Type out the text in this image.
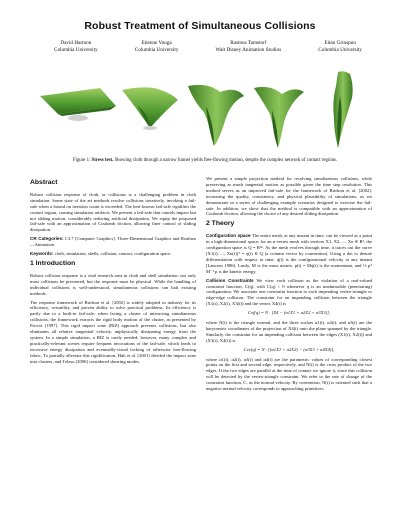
Robust Treatment of Simultaneous Collisions
David Harmon
Columbia University
Etienne Vouga
Columbia University
Rasmus Tamstorf
Walt Disney Animation Studios
Eitan Grinspun
Columbia University
Figure 1: Stress test. Showing cloth through a narrow funnel yields free-flowing motion, despite the complex network of contact regions.
Abstract

Robust collision response of cloth, or collisions is a challenging problem in cloth simulation. Some state of the art methods resolve collisions iteratively, invoking a fail-safe when a bound on iteration count is exceeded. The best-known fail-safe rigidifies the contact region, causing simulation artifacts. We present a fail-safe that cancels impact but not sliding motion, considerably reducing artificial dissipation. We equip the proposed fail-safe with an approximation of Coulomb friction, allowing finer control of sliding dissipation.

CR Categories: I.3.7 [Computer Graphics]: Three-Dimensional Graphics and Realism—Animation

Keywords: cloth, simulation, shells, collision, contact, configuration space

1 Introduction

Robust collision response is a vital research area in cloth and shell simulation: not only must collisions be prevented, but the response must be physical. While the handling of individual collisions is well-understood, simultaneous collisions can halt existing methods.

The response framework of Bridson et al. [2002] is widely adopted in industry for its efficiency, versatility, and proven ability to solve practical problems. Its efficiency is partly due to a built-in fail-safe: when facing a cluster of interacting simultaneous collisions, the framework extracts the rigid body motion of the cluster, as presented by Provot [1997]. This rigid impact zone (RIZ) approach prevents collisions, but also eliminates all relative tangential velocity, unphysically dissipating energy from the system. In a simple simulation, a RIZ is rarely needed; however, many complex and practically-relevant scenes require frequent invocations of the fail-safe, which leads to excessive energy dissipation and eventually-visual locking of otherwise free-flowing fabric. To partially alleviate this rigidification, Huh et al. [2001] divided the impact zone into clusters, and Tolesu [2006] considered shearing modes.

We present a simple projection method for resolving simultaneous collisions, while preserving as much tangential motion as possible given the time step resolution. This method serves as an improved fail-safe for the framework of Bridson et al. [2002], increasing the quality, consistency, and physical plausibility of simulations, as we demonstrate in a series of challenging example scenarios designed to exercise the fail-safe. In addition, we show that the method is compatible with an approximation of Coulomb friction, allowing the choice of any desired sliding dissipation.

2 Theory

Configuration space The entire mesh, at any instant in time, can be viewed as a point in a high-dimensional space; for an n-vertex mesh with vertices X1, X2, ..., Xn ∈ R³, the configuration space is Q = R³ⁿ. As the mesh evolves through time, it traces out the curve (X1(t), ..., Xn(t))ᵀ = q(t) ∈ Q (a column vector by convention). Using a dot to denote differentiation with respect to time, q̇(t) is the configurational velocity at any instant [Lanczos 1986]. Lastly, M is the mass matrix, p(t) = Mq̇(t) is the momentum, and ½ pᵀ M⁻¹ p is the kinetic energy.

Collision Constraints We view each collision as the violation of a real-valued constraint function, C(q), with C(q) < 0 whenever q is an inadmissible (penetrating) configuration. We associate one constraint function to each impending vertex-triangle or edge-edge collision. The constraint for an impending collision between the triangle (X1(t), X2(t), X3(t)) and the vertex X4(t) is

Cvf(q) = N · [X4 − (α1X1 + α2X2 + α3X3)],

where N(t) is the triangle normal, and the three scalars α1(t), α2(t), and α3(t) are the barycentric coordinates of the projection of X4(t) onto the plane spanned by the triangle. Similarly, the constraint for an impending collision between the edges (X1(t), X2(t)) and (X3(t), X4(t)) is

Cee(q) = N · [(α1X1 + α2X2) − (α3X3 + α4X4)],

where α1(t), α2(t), α3(t) and α4(t) are the parametric values of corresponding closest points on the first and second edge, respectively, and N(t) is the cross product of the two edges. If the two edges are parallel at the time of contact we ignore it, since this collision will be detected by the vertex-triangle constraint. We refer to the rate of change of the constraint function, Ċ, as the normal velocity. By convention, N(t) is oriented such that a negative normal velocity corresponds to approaching primitives.
